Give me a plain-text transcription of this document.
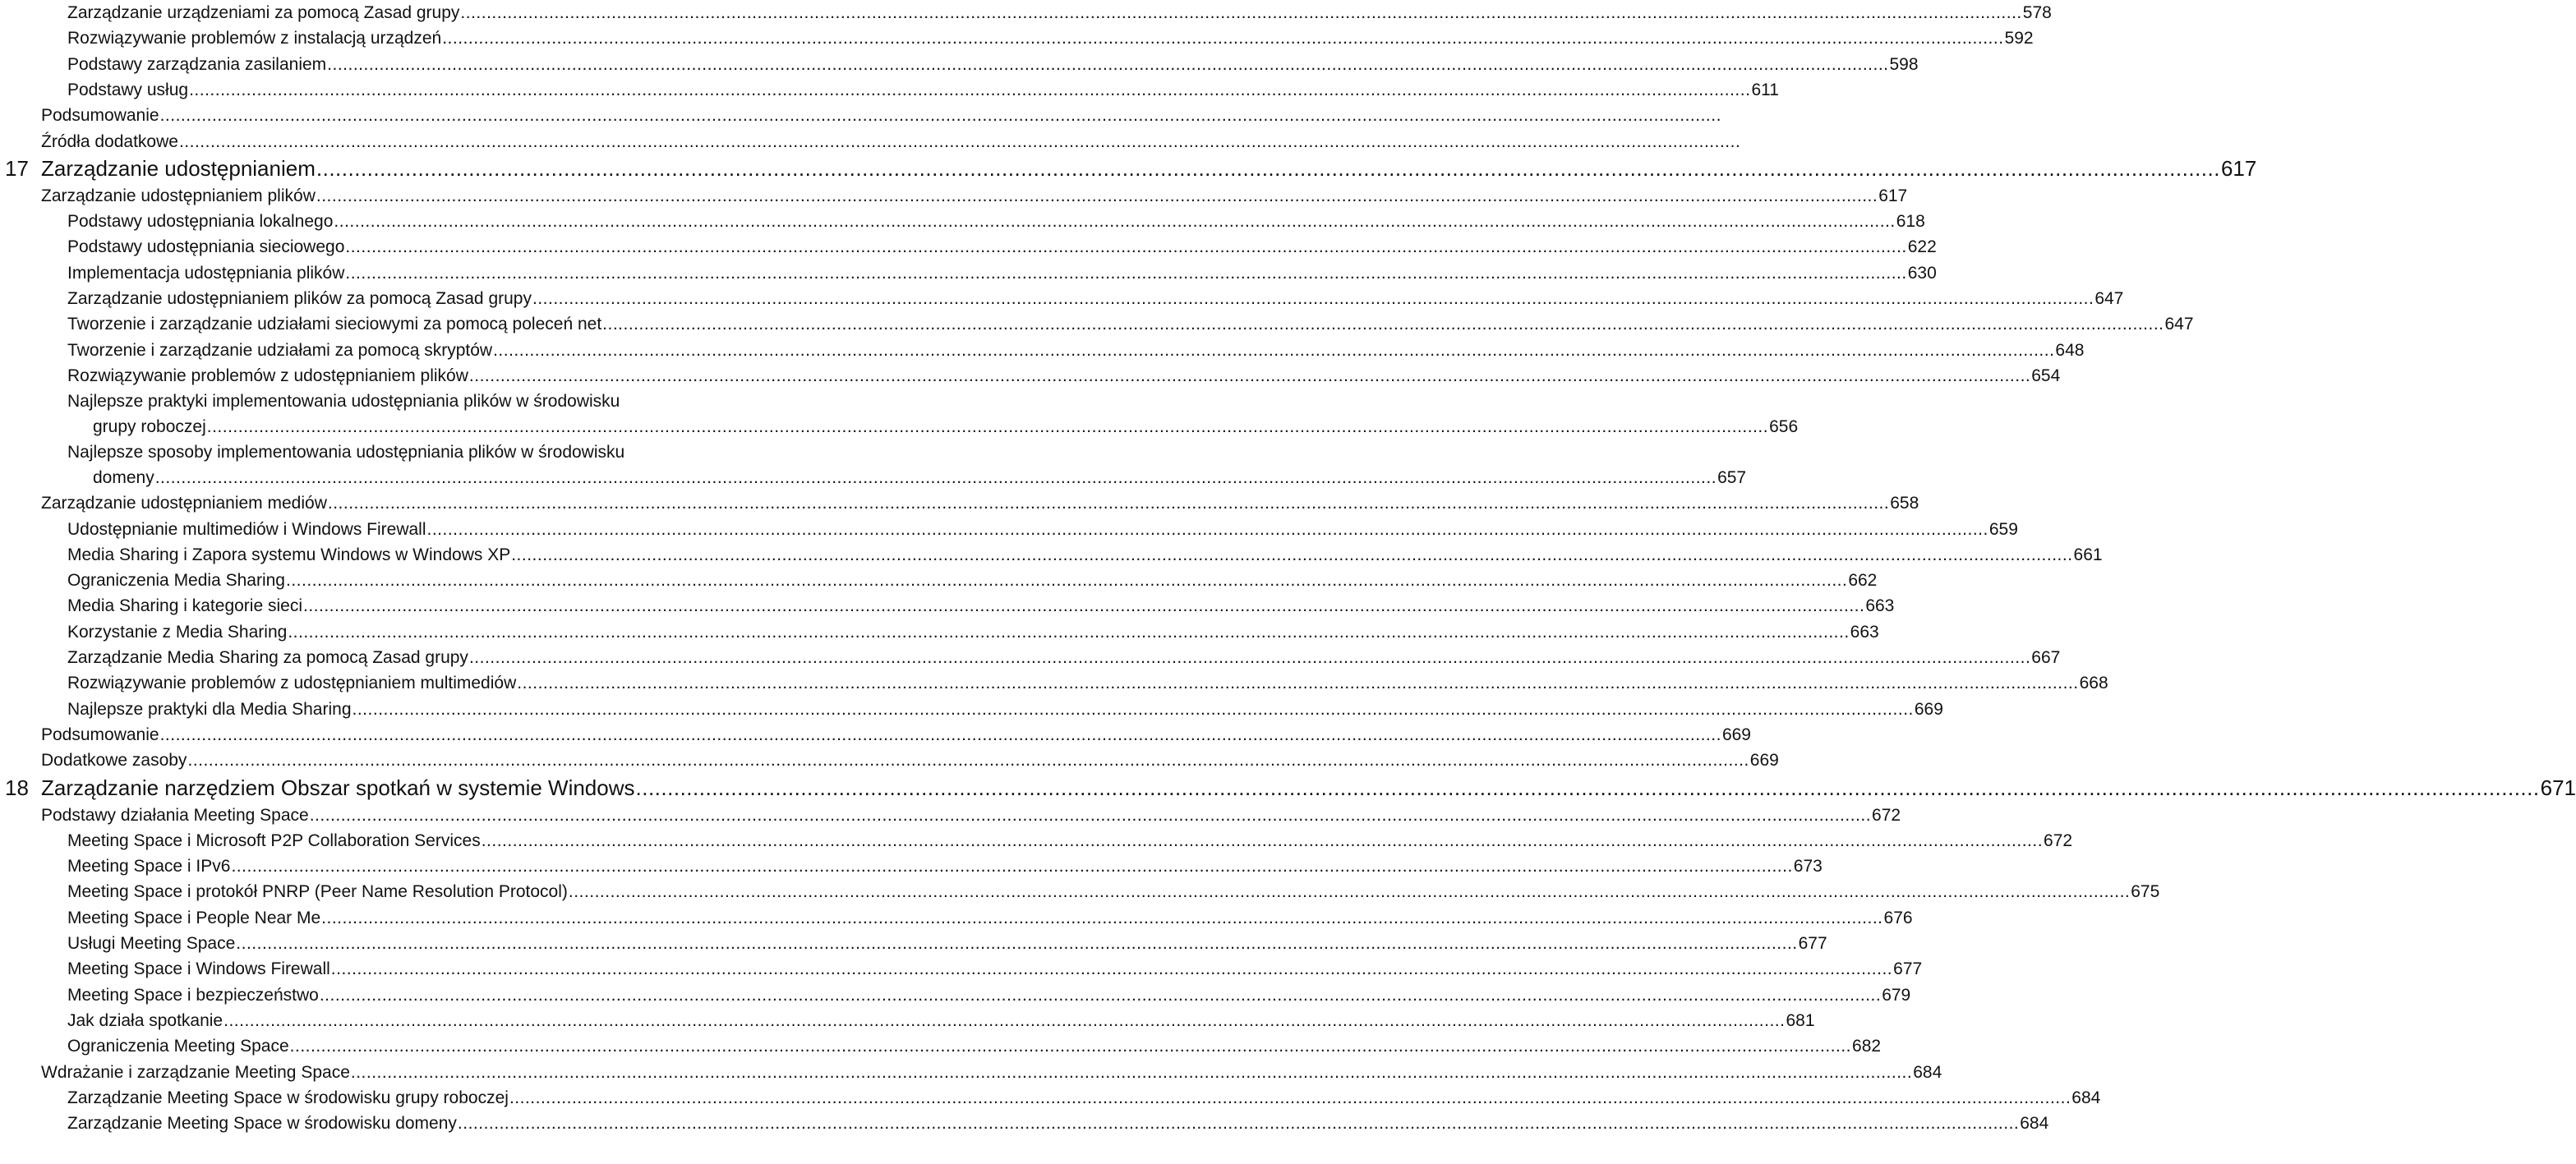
Zarządzanie urządzeniami za pomocą Zasad grupy ............................................................................................................................................................................................................................................................................................................ 578
Rozwiązywanie problemów z instalacją urządzeń ............................................................................................................................................................................................................................................................................................................ 592
Podstawy zarządzania zasilaniem ............................................................................................................................................................................................................................................................................................................ 598
Podstawy usług ............................................................................................................................................................................................................................................................................................................ 611
Podsumowanie ............................................................................................................................................................................................................................................................................................................
Źródła dodatkowe ............................................................................................................................................................................................................................................................................................................
17 Zarządzanie udostępnianiem ............................................................................................................................................................................................................................................................................................................ 617
Zarządzanie udostępnianiem plików ............................................................................................................................................................................................................................................................................................................ 617
Podstawy udostępniania lokalnego ............................................................................................................................................................................................................................................................................................................ 618
Podstawy udostępniania sieciowego ............................................................................................................................................................................................................................................................................................................ 622
Implementacja udostępniania plików ............................................................................................................................................................................................................................................................................................................ 630
Zarządzanie udostępnianiem plików za pomocą Zasad grupy ............................................................................................................................................................................................................................................................................................................ 647
Tworzenie i zarządzanie udziałami sieciowymi za pomocą poleceń net ............................................................................................................................................................................................................................................................................................................ 647
Tworzenie i zarządzanie udziałami za pomocą skryptów ............................................................................................................................................................................................................................................................................................................ 648
Rozwiązywanie problemów z udostępnianiem plików ............................................................................................................................................................................................................................................................................................................ 654
Najlepsze praktyki implementowania udostępniania plików w środowisku
grupy roboczej ............................................................................................................................................................................................................................................................................................................ 656
Najlepsze sposoby implementowania udostępniania plików w środowisku
domeny ............................................................................................................................................................................................................................................................................................................ 657
Zarządzanie udostępnianiem mediów ............................................................................................................................................................................................................................................................................................................ 658
Udostępnianie multimediów i Windows Firewall ............................................................................................................................................................................................................................................................................................................ 659
Media Sharing i Zapora systemu Windows w Windows XP ............................................................................................................................................................................................................................................................................................................ 661
Ograniczenia Media Sharing ............................................................................................................................................................................................................................................................................................................ 662
Media Sharing i kategorie sieci ............................................................................................................................................................................................................................................................................................................ 663
Korzystanie z Media Sharing ............................................................................................................................................................................................................................................................................................................ 663
Zarządzanie Media Sharing za pomocą Zasad grupy ............................................................................................................................................................................................................................................................................................................ 667
Rozwiązywanie problemów z udostępnianiem multimediów ............................................................................................................................................................................................................................................................................................................ 668
Najlepsze praktyki dla Media Sharing ............................................................................................................................................................................................................................................................................................................ 669
Podsumowanie ............................................................................................................................................................................................................................................................................................................ 669
Dodatkowe zasoby ............................................................................................................................................................................................................................................................................................................ 669
18 Zarządzanie narzędziem Obszar spotkań w systemie Windows ............................................................................................................................................................................................................................................................................................................ 671
Podstawy działania Meeting Space ............................................................................................................................................................................................................................................................................................................ 672
Meeting Space i Microsoft P2P Collaboration Services ............................................................................................................................................................................................................................................................................................................ 672
Meeting Space i IPv6 ............................................................................................................................................................................................................................................................................................................ 673
Meeting Space i protokół PNRP (Peer Name Resolution Protocol) ............................................................................................................................................................................................................................................................................................................ 675
Meeting Space i People Near Me ............................................................................................................................................................................................................................................................................................................ 676
Usługi Meeting Space ............................................................................................................................................................................................................................................................................................................ 677
Meeting Space i Windows Firewall ............................................................................................................................................................................................................................................................................................................ 677
Meeting Space i bezpieczeństwo ............................................................................................................................................................................................................................................................................................................ 679
Jak działa spotkanie ............................................................................................................................................................................................................................................................................................................ 681
Ograniczenia Meeting Space ............................................................................................................................................................................................................................................................................................................ 682
Wdrażanie i zarządzanie Meeting Space ............................................................................................................................................................................................................................................................................................................ 684
Zarządzanie Meeting Space w środowisku grupy roboczej ............................................................................................................................................................................................................................................................................................................ 684
Zarządzanie Meeting Space w środowisku domeny ............................................................................................................................................................................................................................................................................................................ 684
